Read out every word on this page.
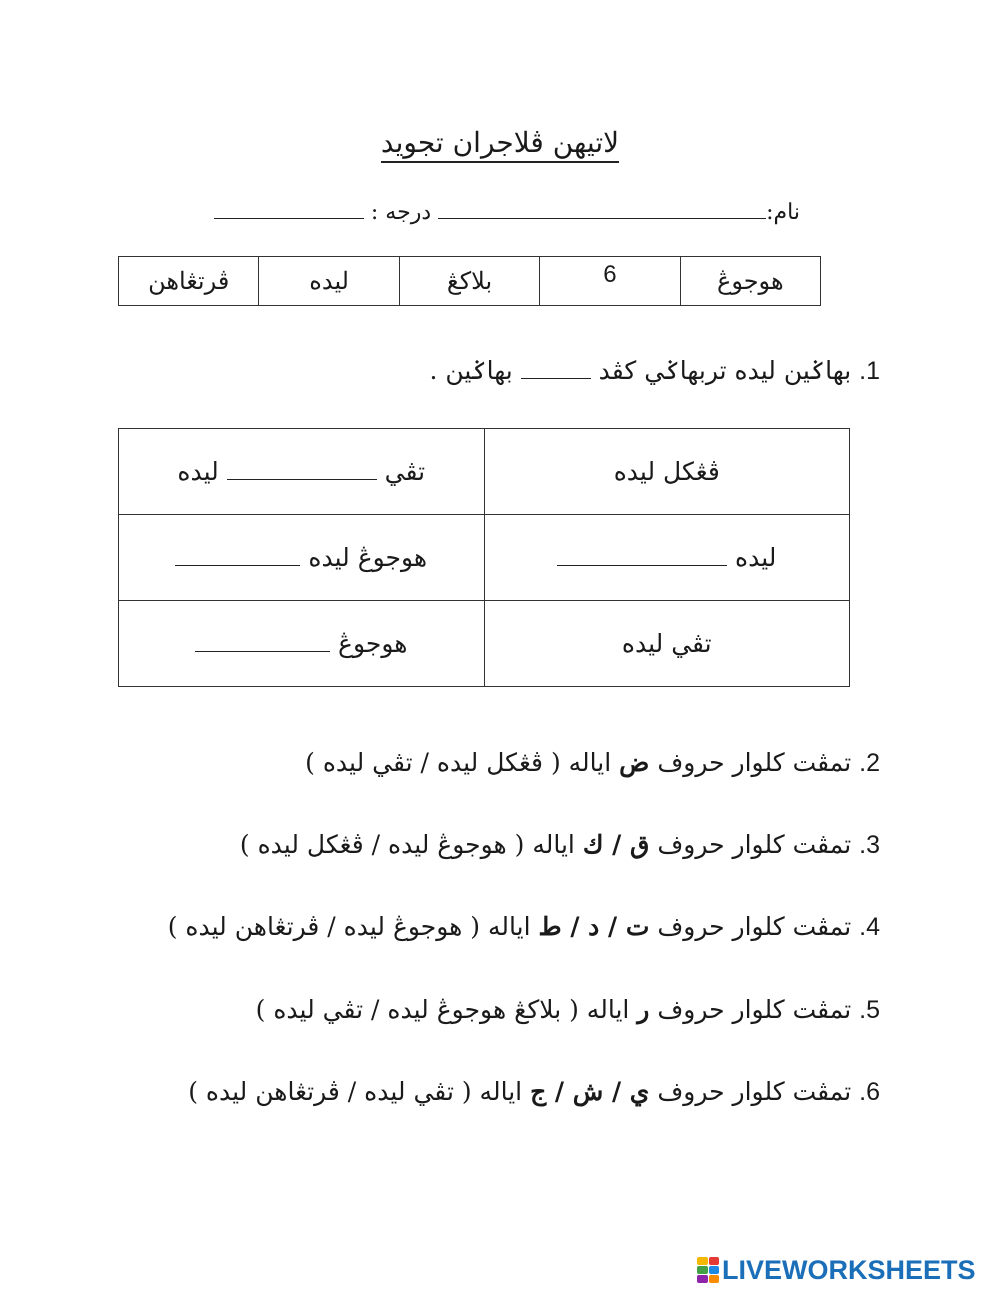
لاتيهن ڤلاجران تجويد
نام: درجه :
هوجوڠ	6	بلاکڠ	ليده	ڤرتڠاهن
1. بهاݢين ليده تربهاݢي کڤد  بهاݢين .
ڤڠکل ليده	تڤي  ليده
ليده	هوجوڠ ليده
تڤي ليده	هوجوڠ
2. تمڤت کلوار حروف ض اياله ( ڤڠکل ليده / تڤي ليده )
3. تمڤت کلوار حروف ق / ك اياله ( هوجوڠ ليده / ڤڠکل ليده )
4. تمڤت کلوار حروف ت / د / ط اياله ( هوجوڠ ليده / ڤرتڠاهن ليده )
5. تمڤت کلوار حروف ر اياله ( بلاکڠ هوجوڠ ليده / تڤي ليده )
6. تمڤت کلوار حروف ي / ش / ج اياله ( تڤي ليده / ڤرتڠاهن ليده )
LIVEWORKSHEETS
